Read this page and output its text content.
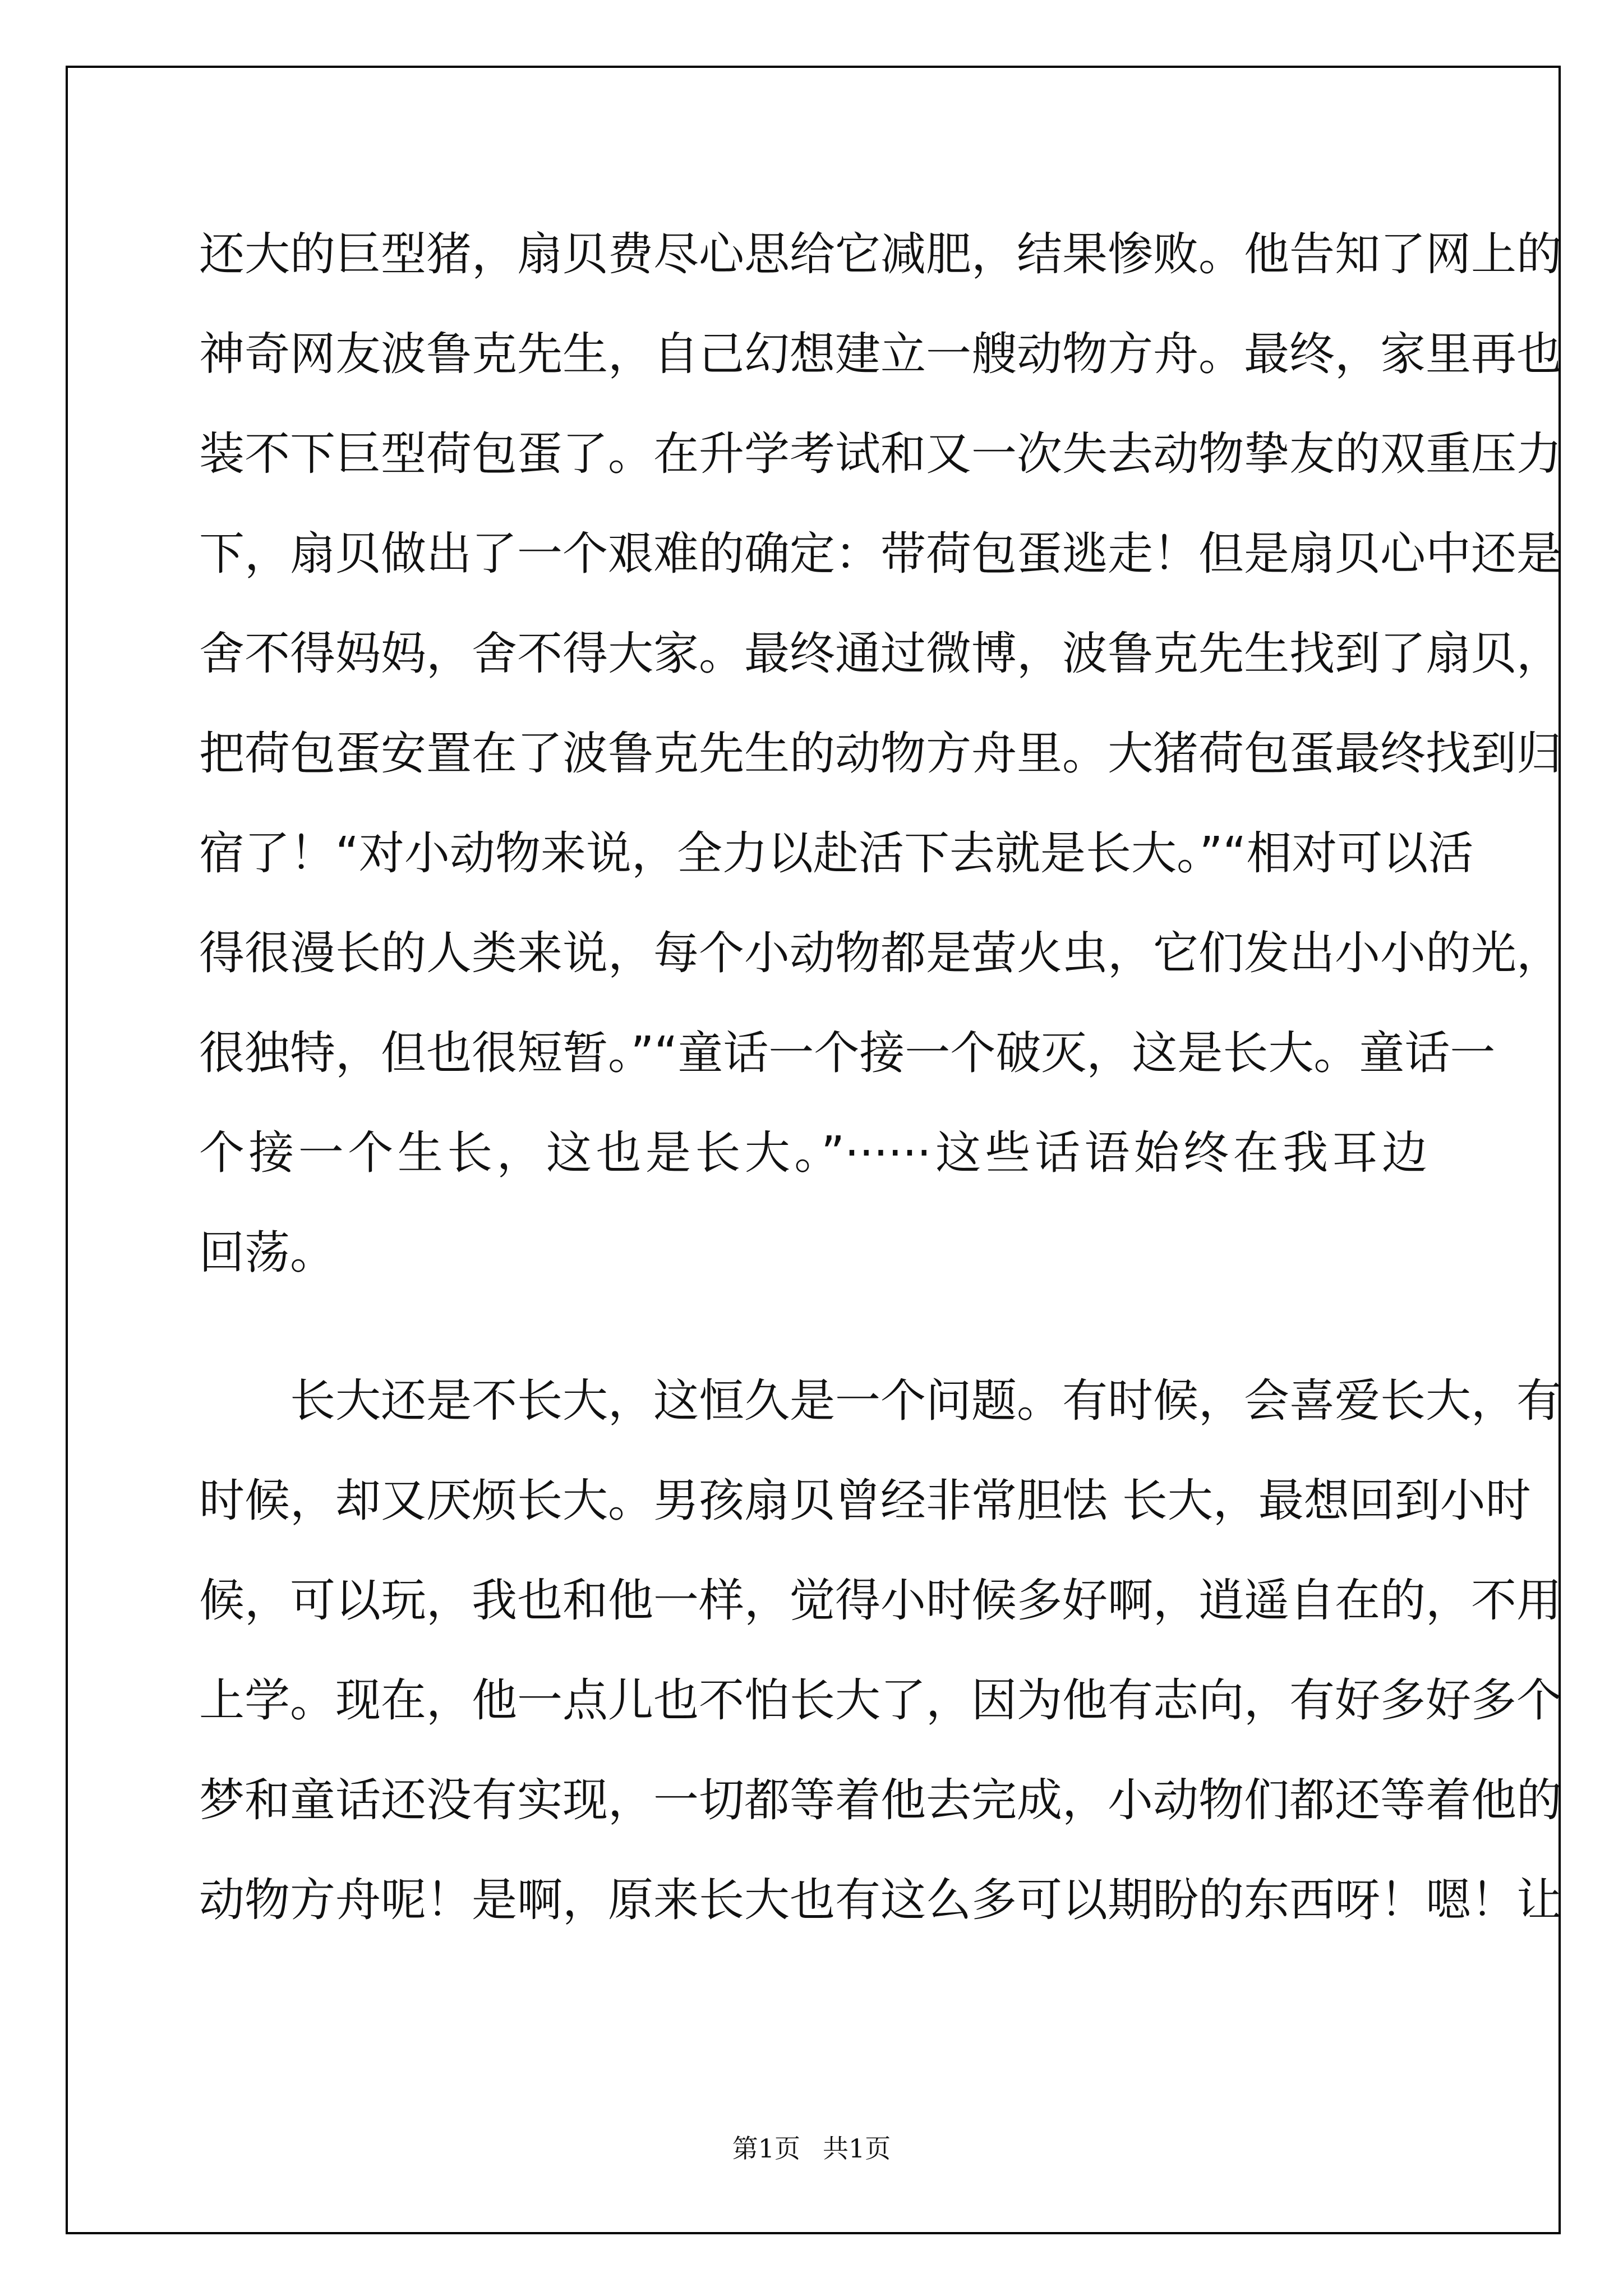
还大的巨型猪，扇贝费尽心思给它减肥，结果惨败。他告知了网上的
神奇网友波鲁克先生，自己幻想建立一艘动物方舟。最终，家里再也
装不下巨型荷包蛋了。在升学考试和又一次失去动物挚友的双重压力
下，扇贝做出了一个艰难的确定：带荷包蛋逃走！但是扇贝心中还是
舍不得妈妈，舍不得大家。最终通过微博，波鲁克先生找到了扇贝，
把荷包蛋安置在了波鲁克先生的动物方舟里。大猪荷包蛋最终找到归
宿了！“对小动物来说，全力以赴活下去就是长大。”“相对可以活
得很漫长的人类来说，每个小动物都是萤火虫，它们发出小小的光，
很独特，但也很短暂。”“童话一个接一个破灭，这是长大。童话一
个接一个生长，这也是长大。”······这些话语始终在我耳边
回荡。
长大还是不长大，这恒久是一个问题。有时候，会喜爱长大，有
时候，却又厌烦长大。男孩扇贝曾经非常胆怯 长大，最想回到小时
候，可以玩，我也和他一样，觉得小时候多好啊，逍遥自在的，不用
上学。现在，他一点儿也不怕长大了，因为他有志向，有好多好多个
梦和童话还没有实现，一切都等着他去完成，小动物们都还等着他的
动物方舟呢！是啊，原来长大也有这么多可以期盼的东西呀！嗯！让
第1页 共1页
